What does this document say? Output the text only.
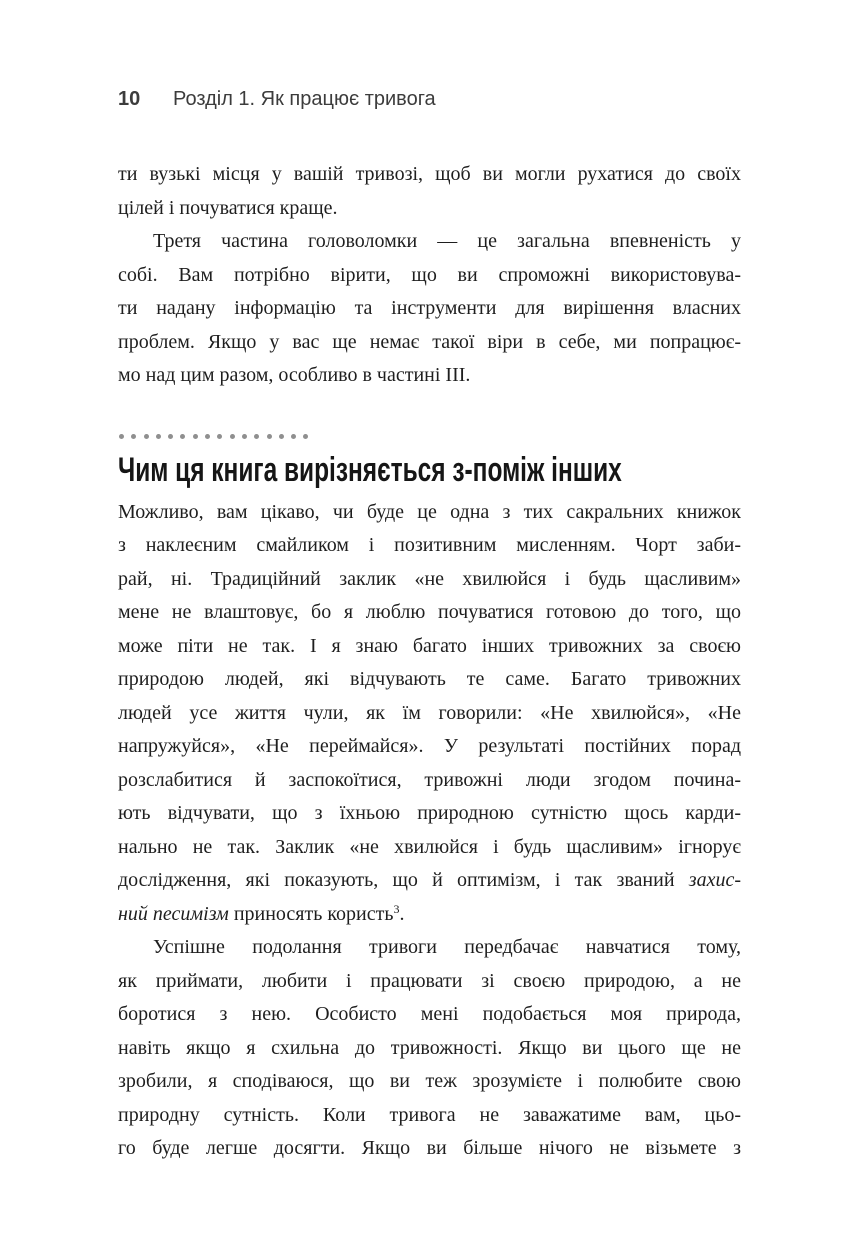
10 Розділ 1. Як працює тривога
ти вузькі місця у вашій тривозі, щоб ви могли рухатися до своїх
цілей і почуватися краще.
Третя частина головоломки — це загальна впевненість у
собі. Вам потрібно вірити, що ви спроможні використовува-
ти надану інформацію та інструменти для вирішення власних
проблем. Якщо у вас ще немає такої віри в себе, ми попрацює-
мо над цим разом, особливо в частині III.
Чим ця книга вирізняється з-поміж інших
Можливо, вам цікаво, чи буде це одна з тих сакральних книжок
з наклеєним смайликом і позитивним мисленням. Чорт заби-
рай, ні. Традиційний заклик «не хвилюйся і будь щасливим»
мене не влаштовує, бо я люблю почуватися готовою до того, що
може піти не так. І я знаю багато інших тривожних за своєю
природою людей, які відчувають те саме. Багато тривожних
людей усе життя чули, як їм говорили: «Не хвилюйся», «Не
напружуйся», «Не переймайся». У результаті постійних порад
розслабитися й заспокоїтися, тривожні люди згодом почина-
ють відчувати, що з їхньою природною сутністю щось карди-
нально не так. Заклик «не хвилюйся і будь щасливим» ігнорує
дослідження, які показують, що й оптимізм, і так званий захис-
ний песимізм приносять користь$^3$.
Успішне подолання тривоги передбачає навчатися тому,
як приймати, любити і працювати зі своєю природою, а не
боротися з нею. Особисто мені подобається моя природа,
навіть якщо я схильна до тривожності. Якщо ви цього ще не
зробили, я сподіваюся, що ви теж зрозумієте і полюбите свою
природну сутність. Коли тривога не заважатиме вам, цьо-
го буде легше досягти. Якщо ви більше нічого не візьмете з
